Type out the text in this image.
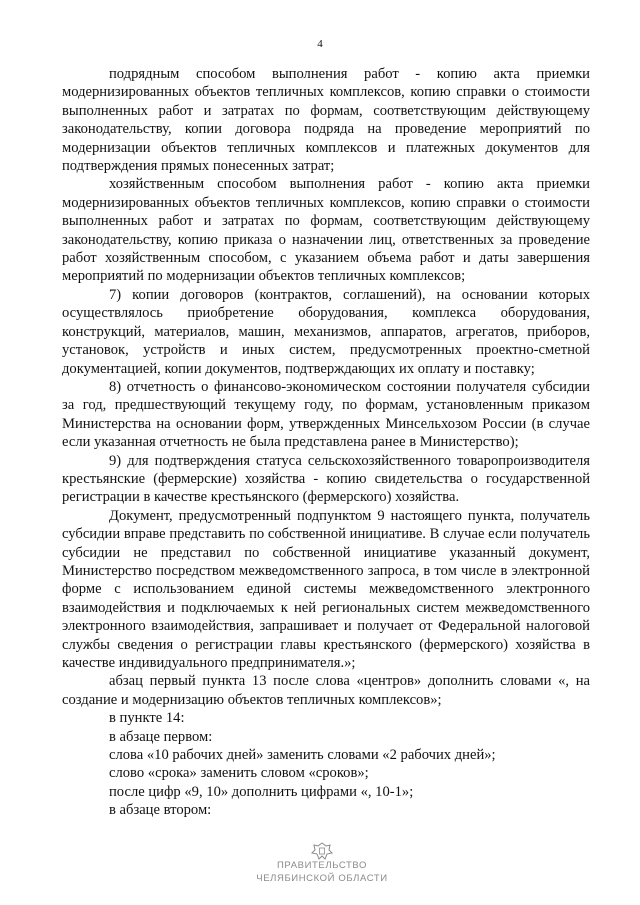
4

подрядным способом выполнения работ - копию акта приемки модернизированных объектов тепличных комплексов, копию справки о стоимости выполненных работ и затратах по формам, соответствующим действующему законодательству, копии договора подряда на проведение мероприятий по модернизации объектов тепличных комплексов и платежных документов для подтверждения прямых понесенных затрат;

хозяйственным способом выполнения работ - копию акта приемки модернизированных объектов тепличных комплексов, копию справки о стоимости выполненных работ и затратах по формам, соответствующим действующему законодательству, копию приказа о назначении лиц, ответственных за проведение работ хозяйственным способом, с указанием объема работ и даты завершения мероприятий по модернизации объектов тепличных комплексов;

7) копии договоров (контрактов, соглашений), на основании которых осуществлялось приобретение оборудования, комплекса оборудования, конструкций, материалов, машин, механизмов, аппаратов, агрегатов, приборов, установок, устройств и иных систем, предусмотренных проектно-сметной документацией, копии документов, подтверждающих их оплату и поставку;

8) отчетность о финансово-экономическом состоянии получателя субсидии за год, предшествующий текущему году, по формам, установленным приказом Министерства на основании форм, утвержденных Минсельхозом России (в случае если указанная отчетность не была представлена ранее в Министерство);

9) для подтверждения статуса сельскохозяйственного товаропроизводителя крестьянские (фермерские) хозяйства - копию свидетельства о государственной регистрации в качестве крестьянского (фермерского) хозяйства.

Документ, предусмотренный подпунктом 9 настоящего пункта, получатель субсидии вправе представить по собственной инициативе. В случае если получатель субсидии не представил по собственной инициативе указанный документ, Министерство посредством межведомственного запроса, в том числе в электронной форме с использованием единой системы межведомственного электронного взаимодействия и подключаемых к ней региональных систем межведомственного электронного взаимодействия, запрашивает и получает от Федеральной налоговой службы сведения о регистрации главы крестьянского (фермерского) хозяйства в качестве индивидуального предпринимателя.»;

абзац первый пункта 13 после слова «центров» дополнить словами «, на создание и модернизацию объектов тепличных комплексов»;

в пункте 14:

в абзаце первом:

слова «10 рабочих дней» заменить словами «2 рабочих дней»;

слово «срока» заменить словом «сроков»;

после цифр «9, 10» дополнить цифрами «, 10-1»;

в абзаце втором:

ПРАВИТЕЛЬСТВО
ЧЕЛЯБИНСКОЙ ОБЛАСТИ
